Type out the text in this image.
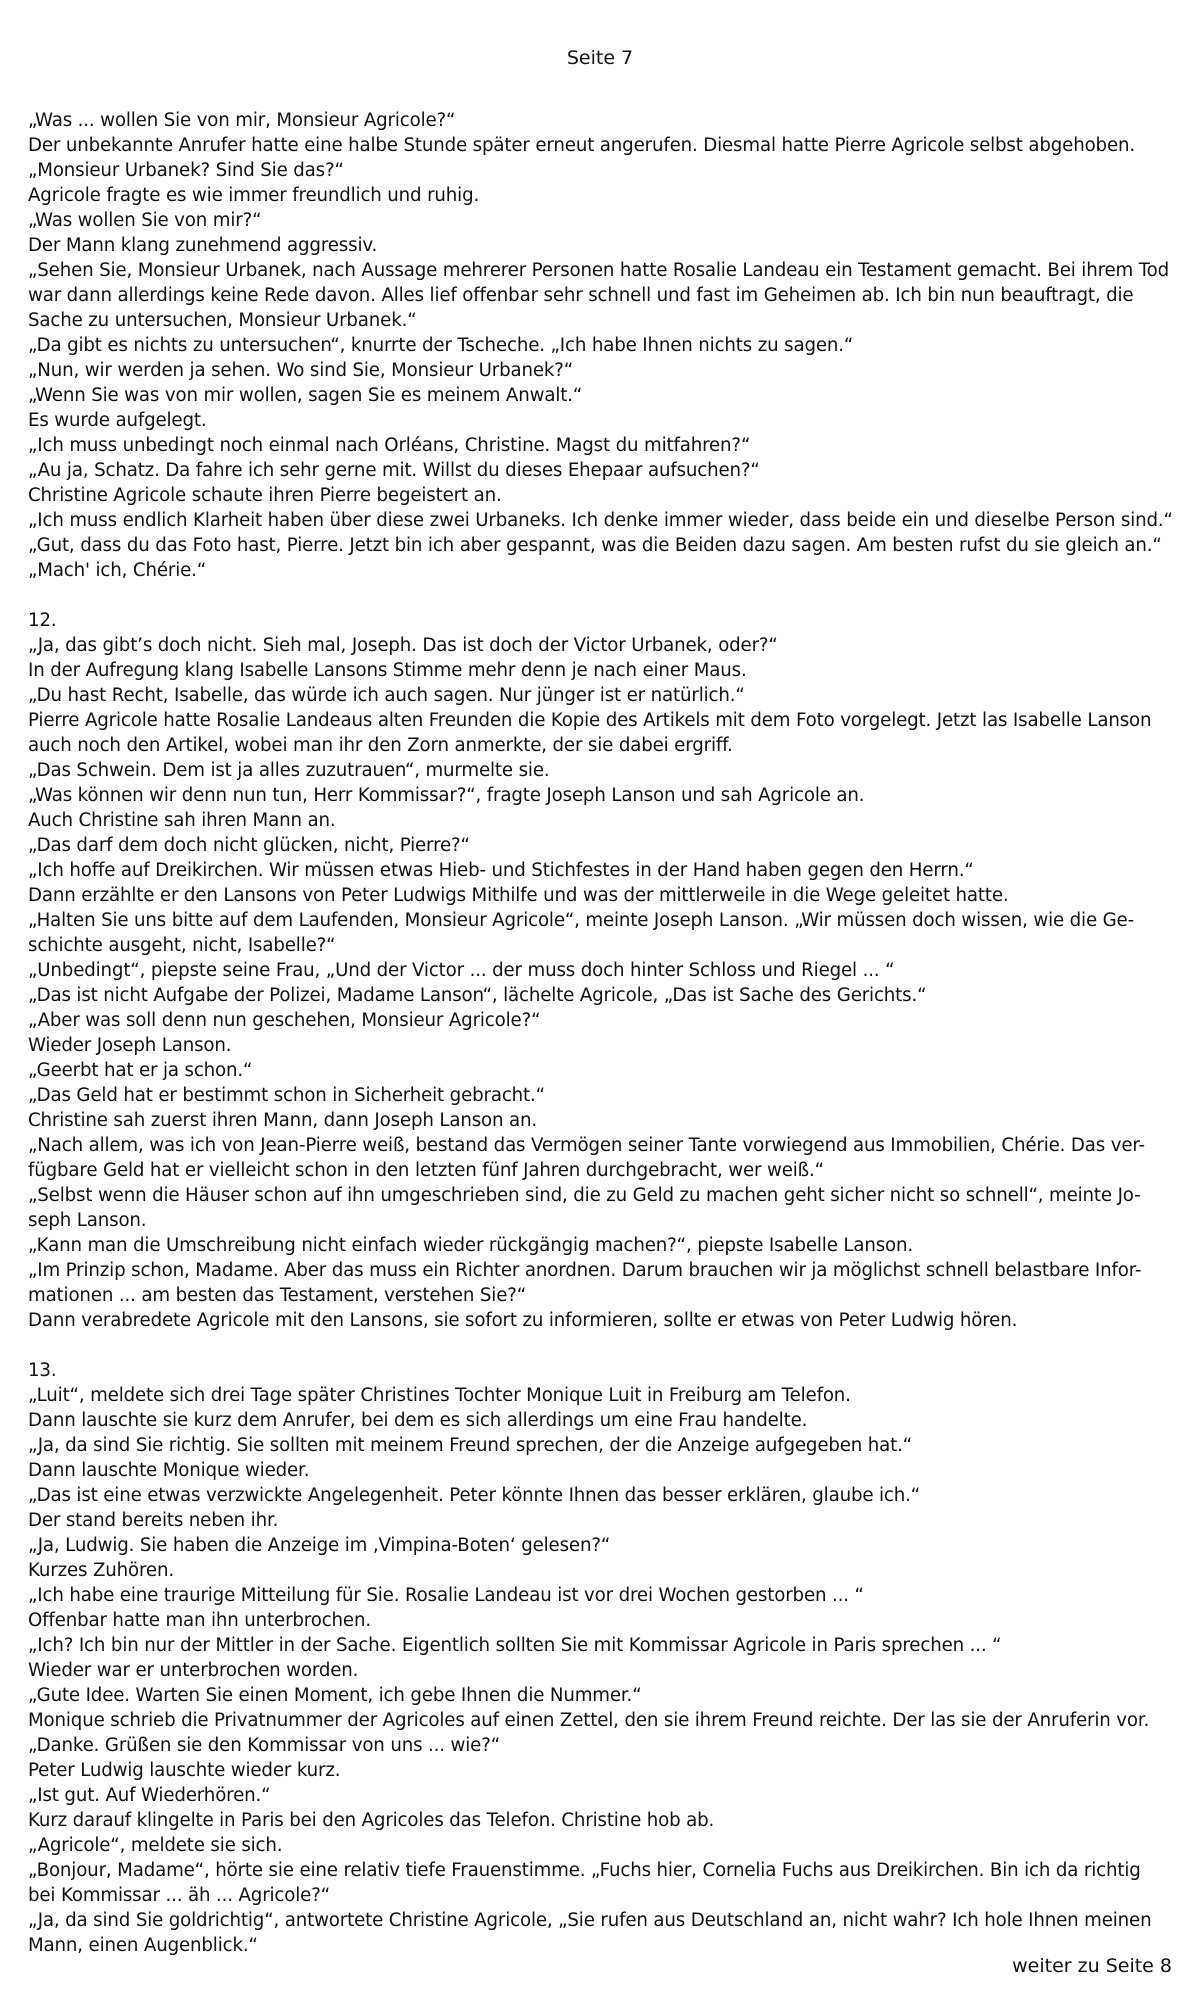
Seite 7
„Was ... wollen Sie von mir, Monsieur Agricole?“
Der unbekannte Anrufer hatte eine halbe Stunde später erneut angerufen. Diesmal hatte Pierre Agricole selbst abgehoben.
„Monsieur Urbanek? Sind Sie das?“
Agricole fragte es wie immer freundlich und ruhig.
„Was wollen Sie von mir?“
Der Mann klang zunehmend aggressiv.
„Sehen Sie, Monsieur Urbanek, nach Aussage mehrerer Personen hatte Rosalie Landeau ein Testament gemacht. Bei ihrem Tod
war dann allerdings keine Rede davon. Alles lief offenbar sehr schnell und fast im Geheimen ab. Ich bin nun beauftragt, die
Sache zu untersuchen, Monsieur Urbanek.“
„Da gibt es nichts zu untersuchen“, knurrte der Tscheche. „Ich habe Ihnen nichts zu sagen.“
„Nun, wir werden ja sehen. Wo sind Sie, Monsieur Urbanek?“
„Wenn Sie was von mir wollen, sagen Sie es meinem Anwalt.“
Es wurde aufgelegt.
„Ich muss unbedingt noch einmal nach Orléans, Christine. Magst du mitfahren?“
„Au ja, Schatz. Da fahre ich sehr gerne mit. Willst du dieses Ehepaar aufsuchen?“
Christine Agricole schaute ihren Pierre begeistert an.
„Ich muss endlich Klarheit haben über diese zwei Urbaneks. Ich denke immer wieder, dass beide ein und dieselbe Person sind.“
„Gut, dass du das Foto hast, Pierre. Jetzt bin ich aber gespannt, was die Beiden dazu sagen. Am besten rufst du sie gleich an.“
„Mach' ich, Chérie.“
12.
„Ja, das gibt’s doch nicht. Sieh mal, Joseph. Das ist doch der Victor Urbanek, oder?“
In der Aufregung klang Isabelle Lansons Stimme mehr denn je nach einer Maus.
„Du hast Recht, Isabelle, das würde ich auch sagen. Nur jünger ist er natürlich.“
Pierre Agricole hatte Rosalie Landeaus alten Freunden die Kopie des Artikels mit dem Foto vorgelegt. Jetzt las Isabelle Lanson
auch noch den Artikel, wobei man ihr den Zorn anmerkte, der sie dabei ergriff.
„Das Schwein. Dem ist ja alles zuzutrauen“, murmelte sie.
„Was können wir denn nun tun, Herr Kommissar?“, fragte Joseph Lanson und sah Agricole an.
Auch Christine sah ihren Mann an.
„Das darf dem doch nicht glücken, nicht, Pierre?“
„Ich hoffe auf Dreikirchen. Wir müssen etwas Hieb- und Stichfestes in der Hand haben gegen den Herrn.“
Dann erzählte er den Lansons von Peter Ludwigs Mithilfe und was der mittlerweile in die Wege geleitet hatte.
„Halten Sie uns bitte auf dem Laufenden, Monsieur Agricole“, meinte Joseph Lanson. „Wir müssen doch wissen, wie die Ge-
schichte ausgeht, nicht, Isabelle?“
„Unbedingt“, piepste seine Frau, „Und der Victor ... der muss doch hinter Schloss und Riegel ... “
„Das ist nicht Aufgabe der Polizei, Madame Lanson“, lächelte Agricole, „Das ist Sache des Gerichts.“
„Aber was soll denn nun geschehen, Monsieur Agricole?“
Wieder Joseph Lanson.
„Geerbt hat er ja schon.“
„Das Geld hat er bestimmt schon in Sicherheit gebracht.“
Christine sah zuerst ihren Mann, dann Joseph Lanson an.
„Nach allem, was ich von Jean-Pierre weiß, bestand das Vermögen seiner Tante vorwiegend aus Immobilien, Chérie. Das ver-
fügbare Geld hat er vielleicht schon in den letzten fünf Jahren durchgebracht, wer weiß.“
„Selbst wenn die Häuser schon auf ihn umgeschrieben sind, die zu Geld zu machen geht sicher nicht so schnell“, meinte Jo-
seph Lanson.
„Kann man die Umschreibung nicht einfach wieder rückgängig machen?“, piepste Isabelle Lanson.
„Im Prinzip schon, Madame. Aber das muss ein Richter anordnen. Darum brauchen wir ja möglichst schnell belastbare Infor-
mationen ... am besten das Testament, verstehen Sie?“
Dann verabredete Agricole mit den Lansons, sie sofort zu informieren, sollte er etwas von Peter Ludwig hören.
13.
„Luit“, meldete sich drei Tage später Christines Tochter Monique Luit in Freiburg am Telefon.
Dann lauschte sie kurz dem Anrufer, bei dem es sich allerdings um eine Frau handelte.
„Ja, da sind Sie richtig. Sie sollten mit meinem Freund sprechen, der die Anzeige aufgegeben hat.“
Dann lauschte Monique wieder.
„Das ist eine etwas verzwickte Angelegenheit. Peter könnte Ihnen das besser erklären, glaube ich.“
Der stand bereits neben ihr.
„Ja, Ludwig. Sie haben die Anzeige im ‚Vimpina-Boten‘ gelesen?“
Kurzes Zuhören.
„Ich habe eine traurige Mitteilung für Sie. Rosalie Landeau ist vor drei Wochen gestorben ... “
Offenbar hatte man ihn unterbrochen.
„Ich? Ich bin nur der Mittler in der Sache. Eigentlich sollten Sie mit Kommissar Agricole in Paris sprechen ... “
Wieder war er unterbrochen worden.
„Gute Idee. Warten Sie einen Moment, ich gebe Ihnen die Nummer.“
Monique schrieb die Privatnummer der Agricoles auf einen Zettel, den sie ihrem Freund reichte. Der las sie der Anruferin vor.
„Danke. Grüßen sie den Kommissar von uns ... wie?“
Peter Ludwig lauschte wieder kurz.
„Ist gut. Auf Wiederhören.“
Kurz darauf klingelte in Paris bei den Agricoles das Telefon. Christine hob ab.
„Agricole“, meldete sie sich.
„Bonjour, Madame“, hörte sie eine relativ tiefe Frauenstimme. „Fuchs hier, Cornelia Fuchs aus Dreikirchen. Bin ich da richtig
bei Kommissar ... äh ... Agricole?“
„Ja, da sind Sie goldrichtig“, antwortete Christine Agricole, „Sie rufen aus Deutschland an, nicht wahr? Ich hole Ihnen meinen
Mann, einen Augenblick.“
weiter zu Seite 8
